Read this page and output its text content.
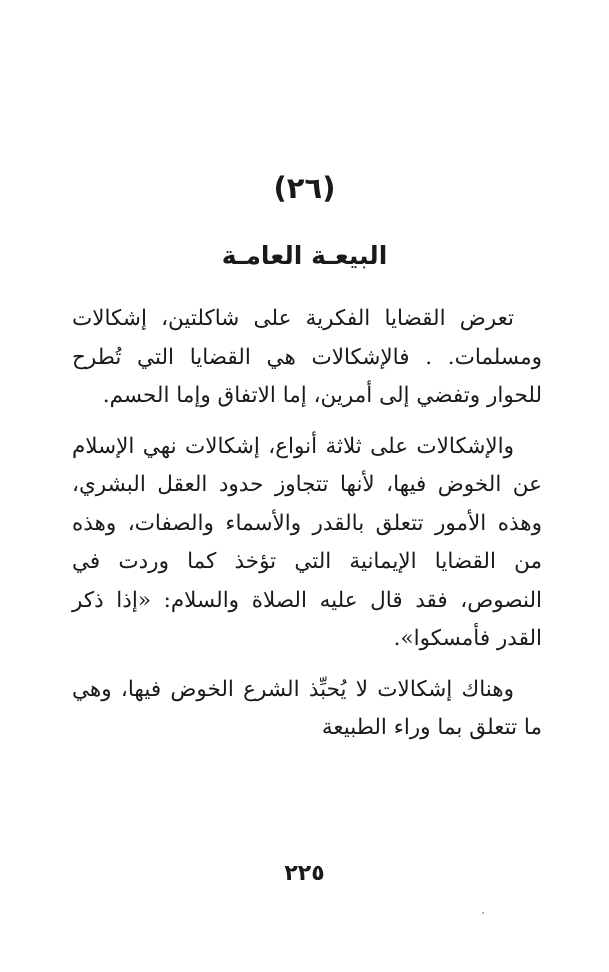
(٢٦)
البيعـة العامـة

تعرض القضايا الفكرية على شاكلتين، إشكالات ومسلمات. . فالإشكالات هي القضايا التي تُطرح للحوار وتفضي إلى أمرين، إما الاتفاق وإما الحسم.

والإشكالات على ثلاثة أنواع، إشكالات نهي الإسلام عن الخوض فيها، لأنها تتجاوز حدود العقل البشري، وهذه الأمور تتعلق بالقدر والأسماء والصفات، وهذه من القضايا الإيمانية التي تؤخذ كما وردت في النصوص، فقد قال عليه الصلاة والسلام: «إذا ذكر القدر فأمسكوا».

وهناك إشكالات لا يُحبِّذ الشرع الخوض فيها، وهي ما تتعلق بما وراء الطبيعة

٢٢٥
